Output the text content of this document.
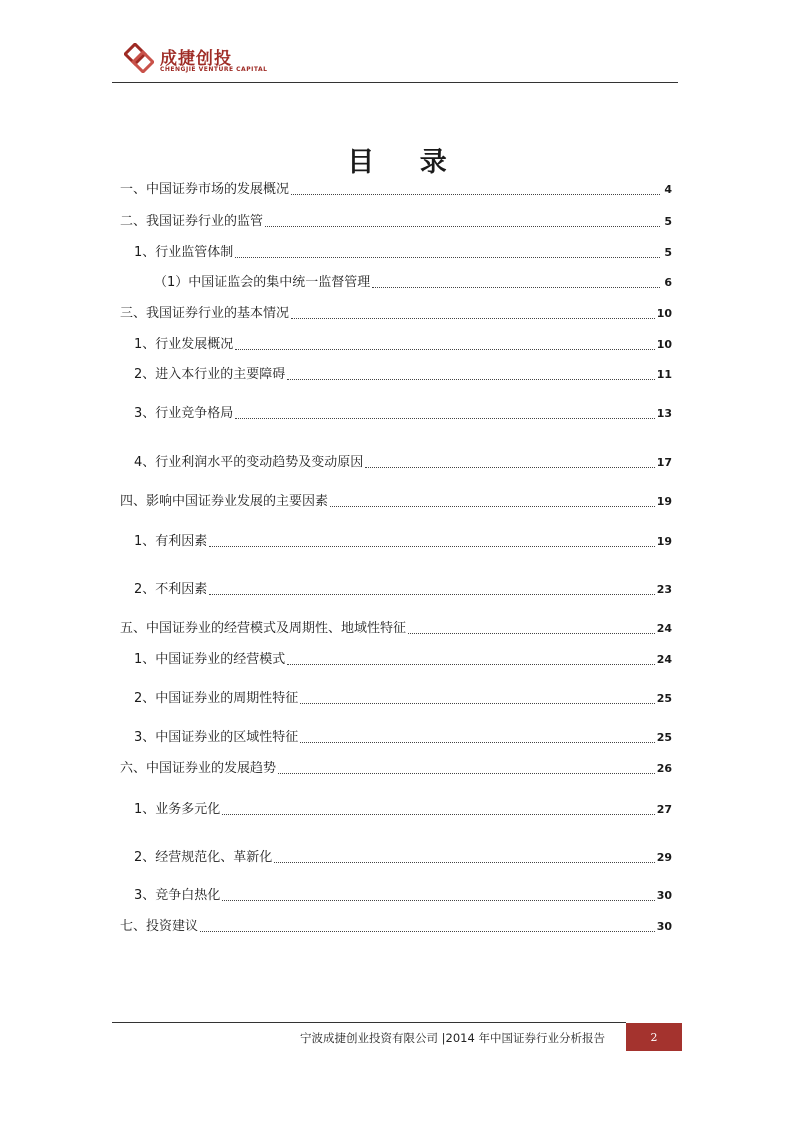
成捷创投
CHENGJIE VENTURE CAPITAL
目 录
一、中国证券市场的发展概况	4
二、我国证券行业的监管	5
1、行业监管体制	5
（1）中国证监会的集中统一监督管理	6
三、我国证券行业的基本情况	10
1、行业发展概况	10
2、进入本行业的主要障碍	11
3、行业竞争格局	13
4、行业利润水平的变动趋势及变动原因	17
四、影响中国证券业发展的主要因素	19
1、有利因素	19
2、不利因素	23
五、中国证券业的经营模式及周期性、地域性特征	24
1、中国证券业的经营模式	24
2、中国证券业的周期性特征	25
3、中国证券业的区域性特征	25
六、中国证券业的发展趋势	26
1、业务多元化	27
2、经营规范化、革新化	29
3、竞争白热化	30
七、投资建议	30
宁波成捷创业投资有限公司 |2014 年中国证券行业分析报告	2
